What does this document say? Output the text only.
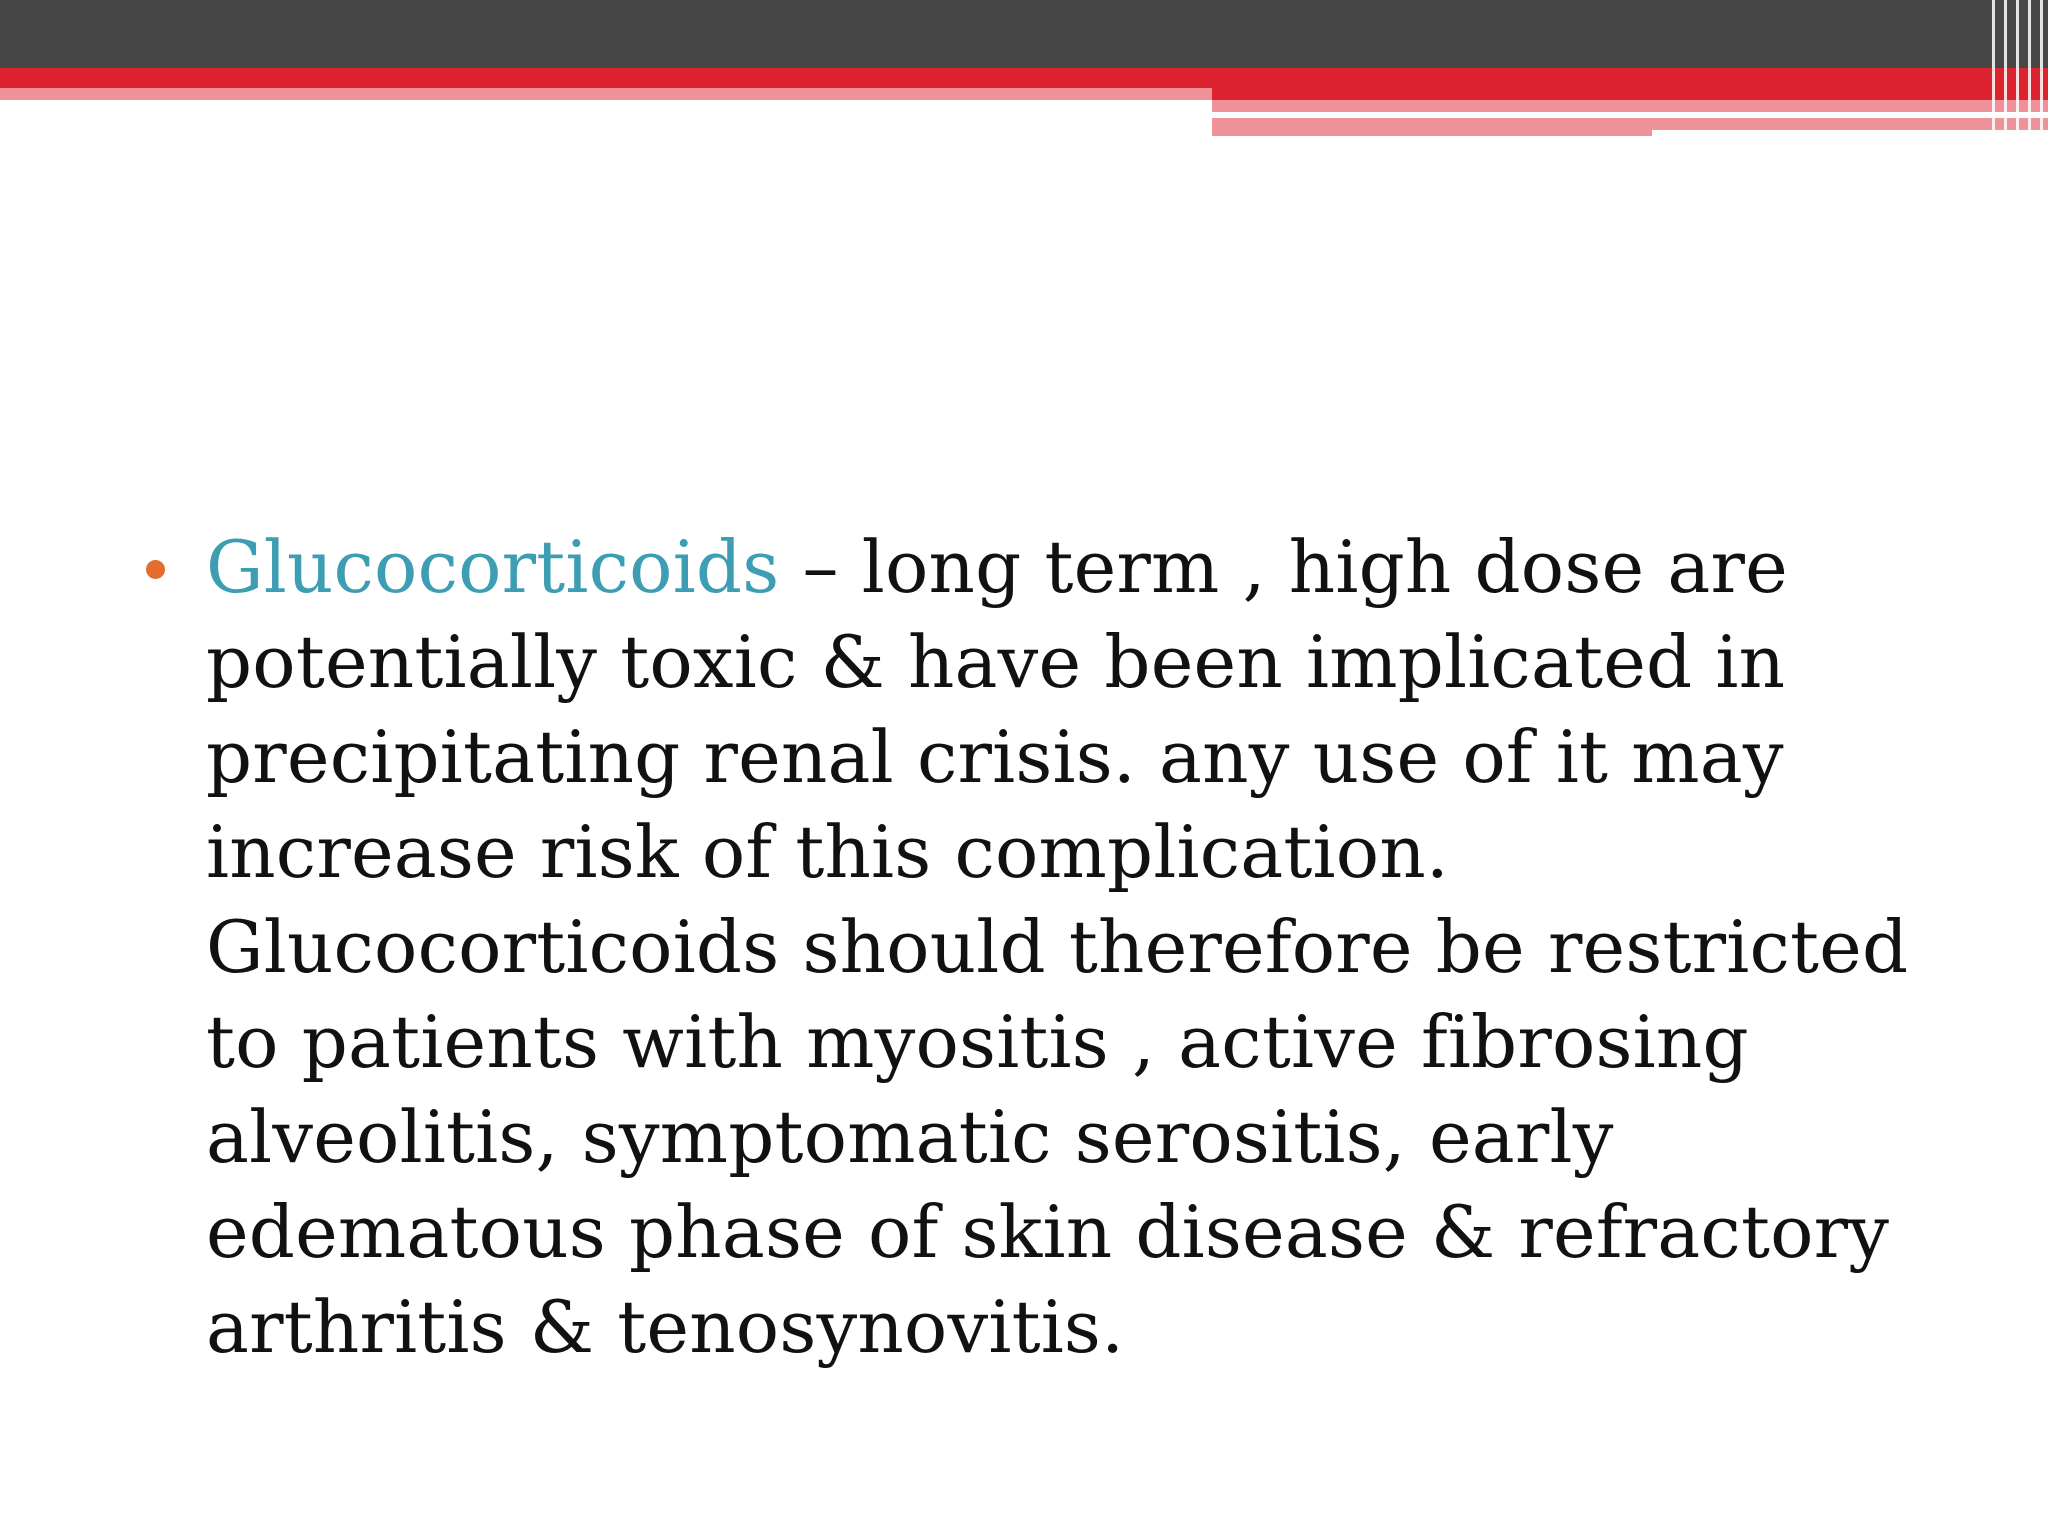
Glucocorticoids – long term , high dose are potentially toxic & have been implicated in precipitating renal crisis. any use of it may increase risk of this complication. Glucocorticoids should therefore be restricted to patients with myositis , active fibrosing alveolitis, symptomatic serositis, early edematous phase of skin disease & refractory arthritis & tenosynovitis.
